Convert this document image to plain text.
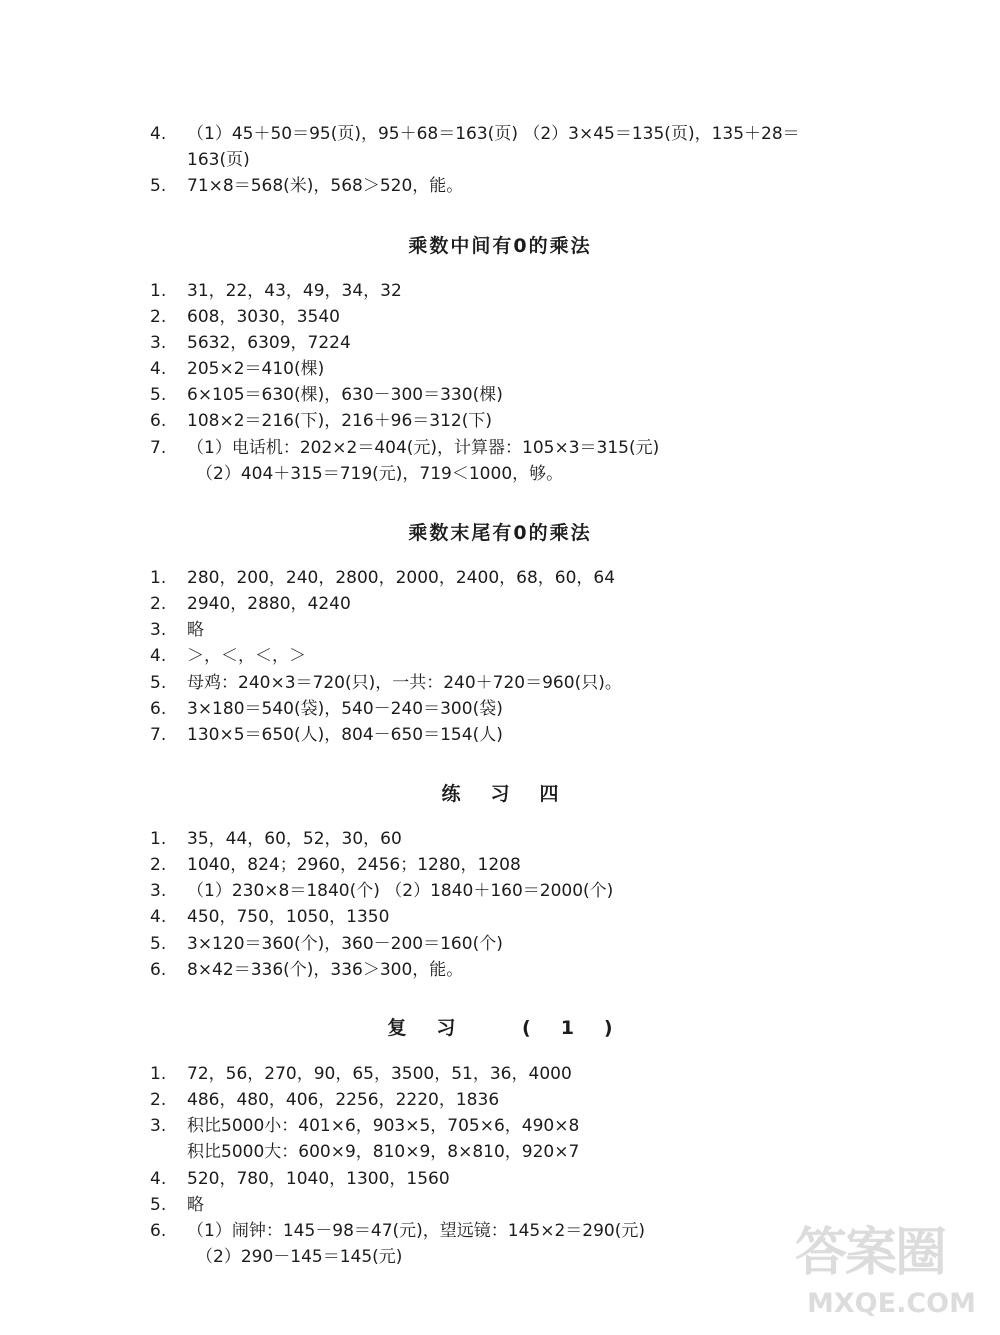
4. （1）45＋50＝95(页)，95＋68＝163(页) （2）3×45＝135(页)，135＋28＝
163(页)
5. 71×8＝568(米)，568＞520，能。
乘数中间有0的乘法
1. 31，22，43，49，34，32
2. 608，3030，3540
3. 5632，6309，7224
4. 205×2＝410(棵)
5. 6×105＝630(棵)，630－300＝330(棵)
6. 108×2＝216(下)，216＋96＝312(下)
7. （1）电话机：202×2＝404(元)，计算器：105×3＝315(元)
（2）404＋315＝719(元)，719＜1000，够。
乘数末尾有0的乘法
1. 280，200，240，2800，2000，2400，68，60，64
2. 2940，2880，4240
3. 略
4. ＞，＜，＜，＞
5. 母鸡：240×3＝720(只)，一共：240＋720＝960(只)。
6. 3×180＝540(袋)，540－240＝300(袋)
7. 130×5＝650(人)，804－650＝154(人)
练习四
1. 35，44，60，52，30，60
2. 1040，824；2960，2456；1280，1208
3. （1）230×8＝1840(个) （2）1840＋160＝2000(个)
4. 450，750，1050，1350
5. 3×120＝360(个)，360－200＝160(个)
6. 8×42＝336(个)，336＞300，能。
复习 (1)
1. 72，56，270，90，65，3500，51，36，4000
2. 486，480，406，2256，2220，1836
3. 积比5000小：401×6，903×5，705×6，490×8
积比5000大：600×9，810×9，8×810，920×7
4. 520，780，1040，1300，1560
5. 略
6. （1）闹钟：145－98＝47(元)，望远镜：145×2＝290(元)
（2）290－145＝145(元)	答案圈
MXQE.COM
